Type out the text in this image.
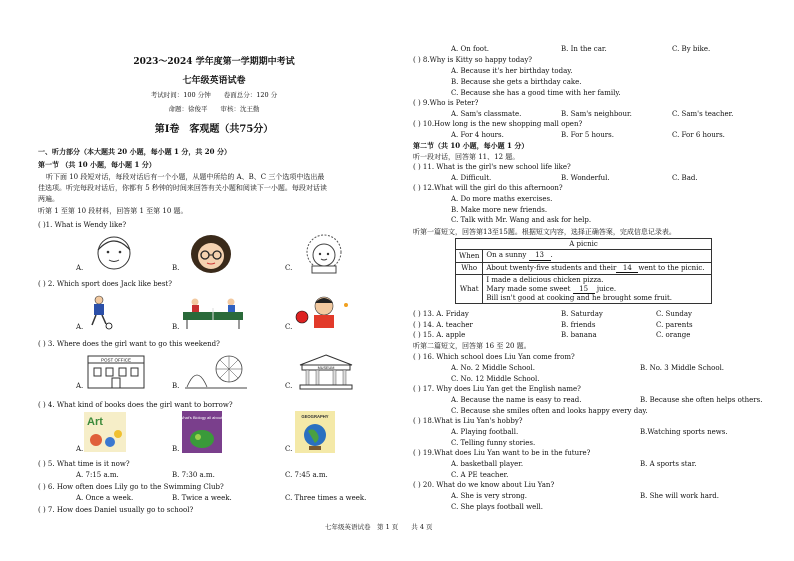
2023～2024 学年度第一学期期中考试
七年级英语试卷
考试时间：100 分钟　　卷面总分：120 分
命题：徐俊平　　审核：沈王勤
第Ⅰ卷　客观题（共75分）
一、听力部分（本大题共 20 小题，每小题 1 分，共 20 分）
第一节 （共 10 小题，每小题 1 分）
听下面 10 段短对话，每段对话后有一个小题，从题中所给的 A、B、C 三个选项中选出最
佳选项。听完每段对话后，你都有 5 秒钟的时间来回答有关小题和阅读下一小题。每段对话读
两遍。
听第 1 至第 10 段材料，回答第 1 至第 10 题。
( )1. What is Wendy like?
A.	B.	C.
( ) 2. Which sport does Jack like best?
A.	B.	C.
( ) 3. Where does the girl want to go this weekend?
A.
POST OFFICE
B.	C.
MUSEUM
( ) 4. What kind of books does the girl want to borrow?
A.
Art
B.
What's Biology all about?
C.
GEOGRAPHY
( ) 5. What time is it now?
A. 7:15 a.m.	B. 7:30 a.m.	C. 7:45 a.m.
( ) 6. How often does Lily go to the Swimming Club?
A. Once a week.	B. Twice a week.	C. Three times a week.
( ) 7. How does Daniel usually go to school?
A. On foot.	B. In the car.	C. By bike.
( ) 8.Why is Kitty so happy today?
A. Because it's her birthday today.
B. Because she gets a birthday cake.
C. Because she has a good time with her family.
( ) 9.Who is Peter?
A. Sam's classmate.	B. Sam's neighbour.	C. Sam's teacher.
( ) 10.How long is the new shopping mall open?
A. For 4 hours.	B. For 5 hours.	C. For 6 hours.
第二节（共 10 小题，每小题 1 分）
听一段对话，回答第 11、12 题。
( ) 11. What is the girl's new school life like?
A. Difficult.	B. Wonderful.	C. Bad.
( ) 12.What will the girl do this afternoon?
A. Do more maths exercises.
B. Make more new friends.
C. Talk with Mr. Wang and ask for help.
听第一篇短文，回答第13至15题。根据短文内容，选择正确答案，完成信息记录表。
A picnic	
When	On a sunny 13 .
Who	About twenty-five students and their 14 went to the picnic.
What	I made a delicious chicken pizza.
Mary made some sweet 15 juice.
Bill isn't good at cooking and he brought some fruit.
( ) 13. A. Friday	B. Saturday	C. Sunday
( ) 14. A. teacher	B. friends	C. parents
( ) 15. A. apple	B. banana	C. orange
听第二篇短文，回答第 16 至 20 题。
( ) 16. Which school does Liu Yan come from?
A. No. 2 Middle School.	B. No. 3 Middle School.
C. No. 12 Middle School.
( ) 17. Why does Liu Yan get the English name?
A. Because the name is easy to read.	B. Because she often helps others.
C. Because she smiles often and looks happy every day.
( ) 18.What is Liu Yan's hobby?
A. Playing football.	B.Watching sports news.
C. Telling funny stories.
( ) 19.What does Liu Yan want to be in the future?
A. basketball player.	B. A sports star.
C. A PE teacher.
( ) 20. What do we know about Liu Yan?
A. She is very strong.	B. She will work hard.
C. She plays football well.
七年级英语试卷　第 1 页　　共 4 页
